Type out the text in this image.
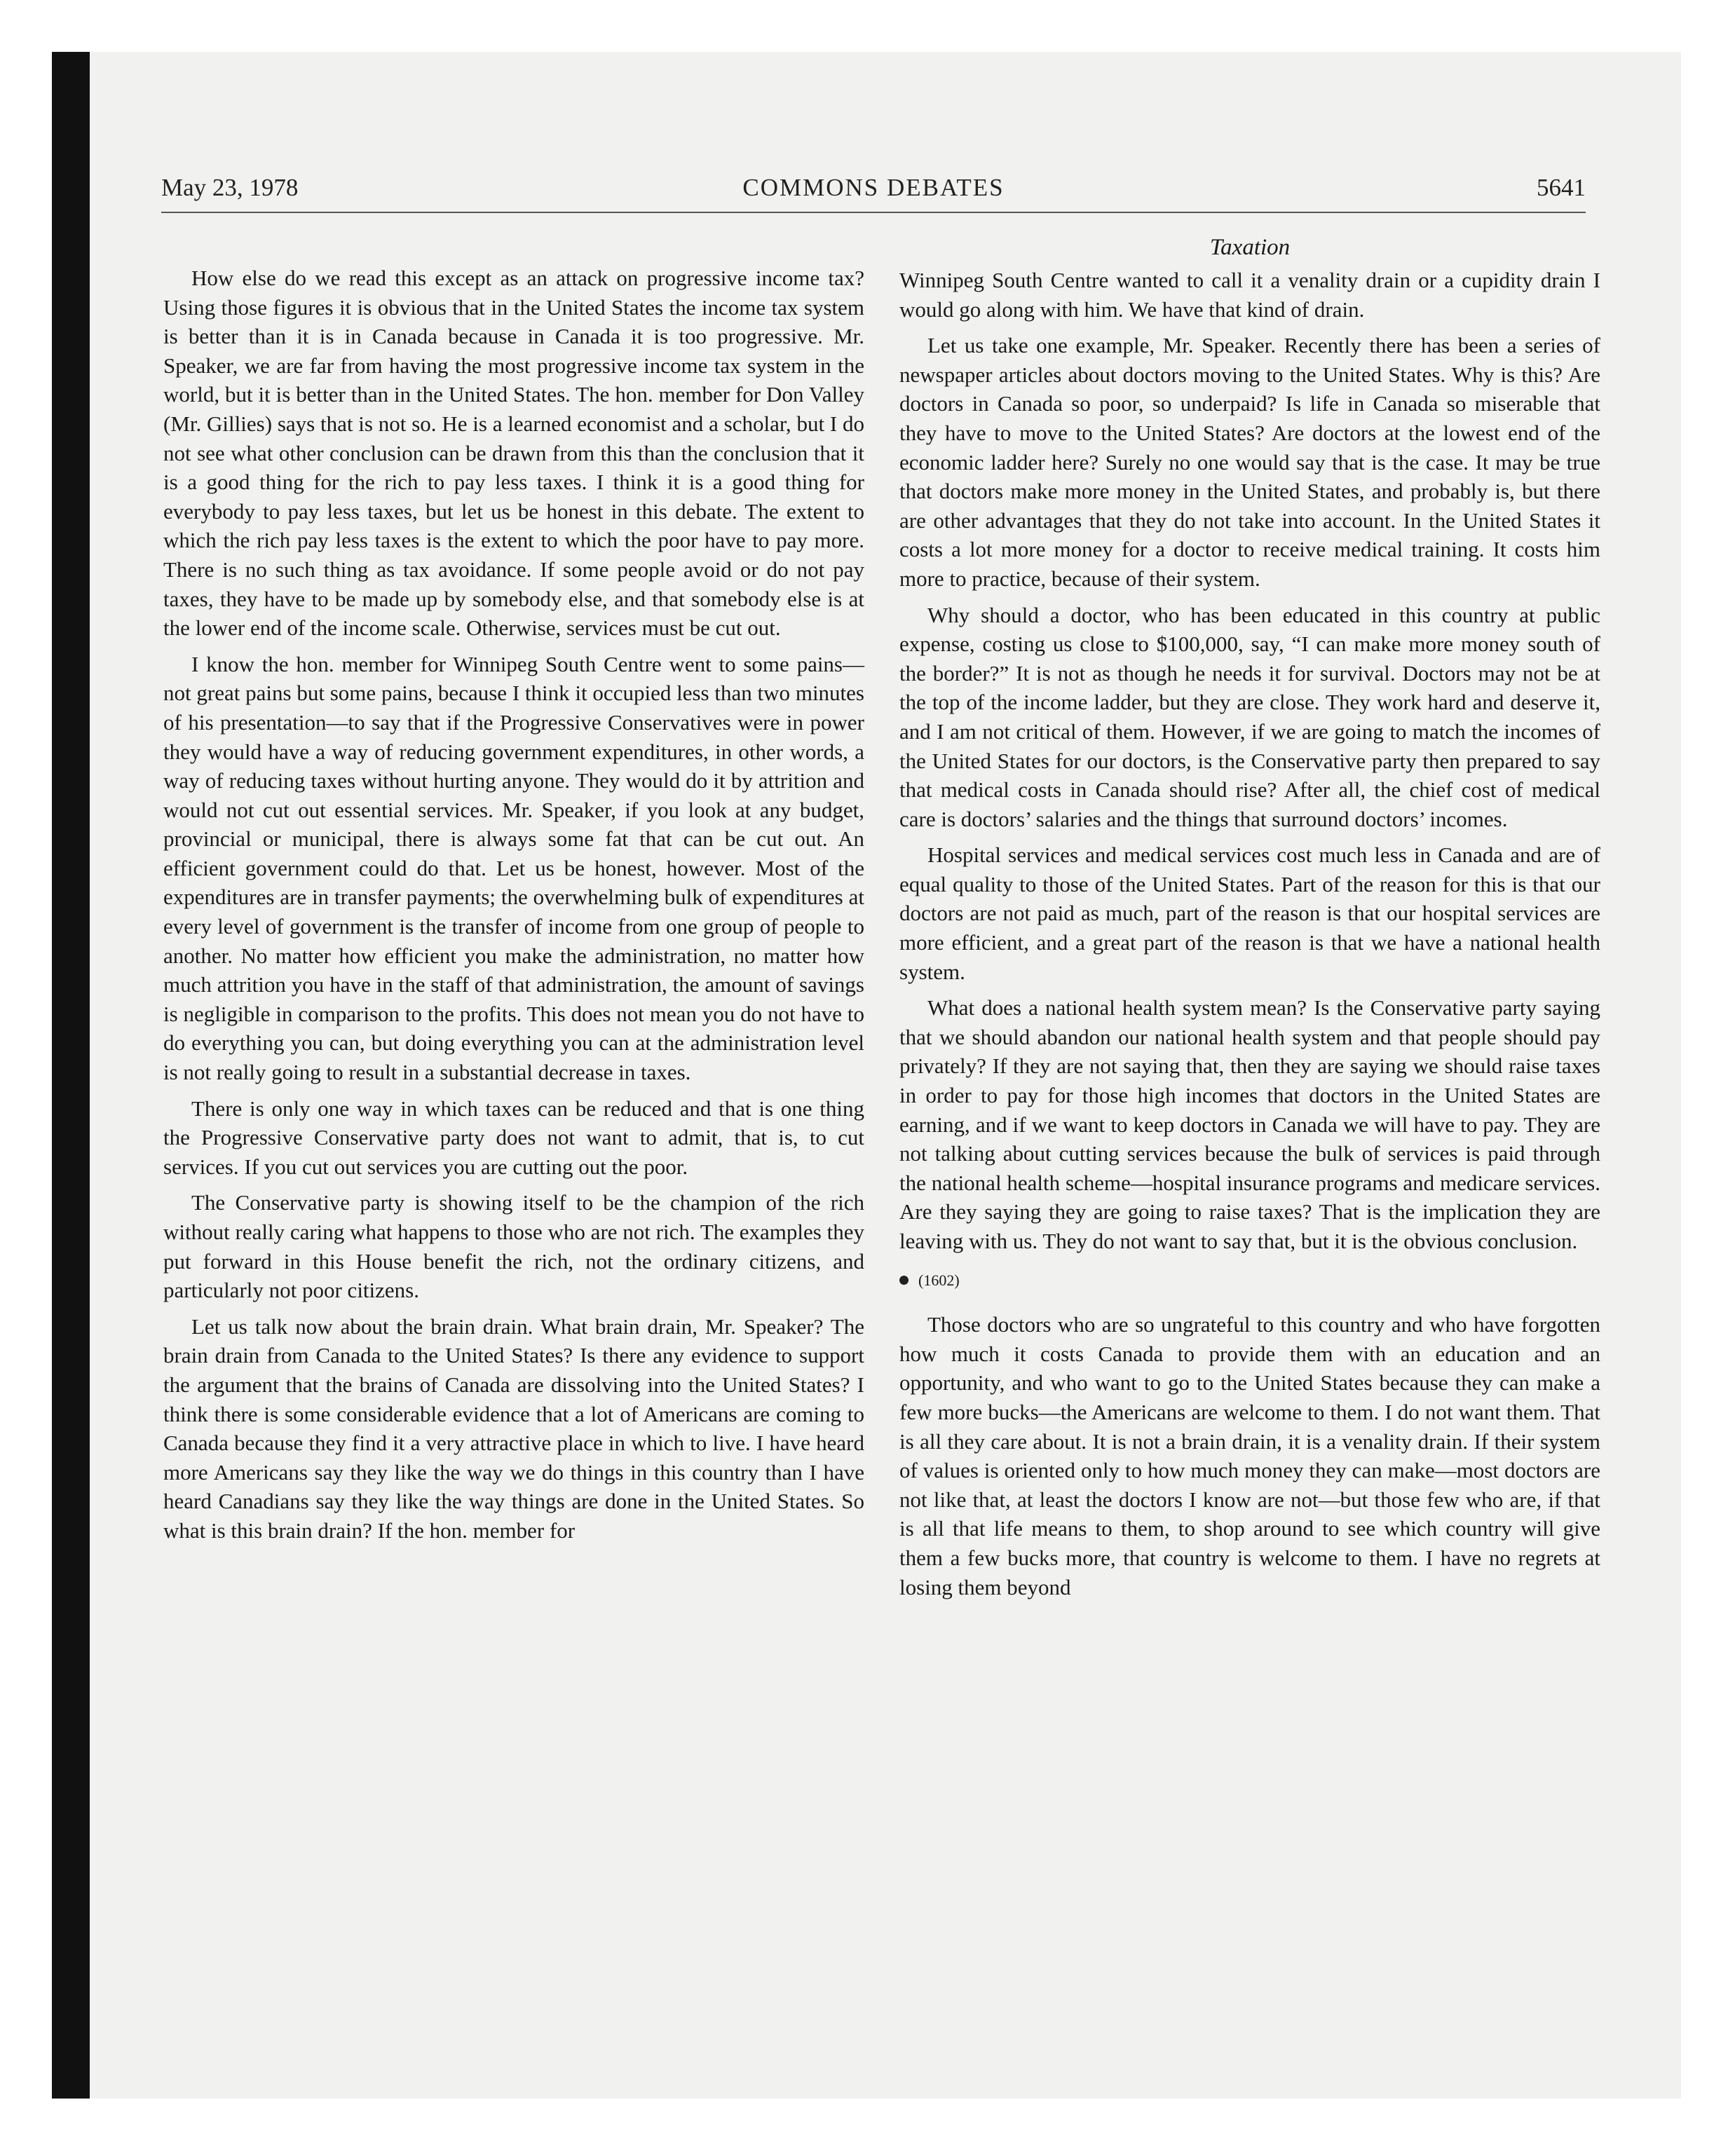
May 23, 1978	COMMONS DEBATES	5641

How else do we read this except as an attack on progressive income tax? Using those figures it is obvious that in the United States the income tax system is better than it is in Canada because in Canada it is too progressive. Mr. Speaker, we are far from having the most progressive income tax system in the world, but it is better than in the United States. The hon. member for Don Valley (Mr. Gillies) says that is not so. He is a learned economist and a scholar, but I do not see what other conclusion can be drawn from this than the conclusion that it is a good thing for the rich to pay less taxes. I think it is a good thing for everybody to pay less taxes, but let us be honest in this debate. The extent to which the rich pay less taxes is the extent to which the poor have to pay more. There is no such thing as tax avoidance. If some people avoid or do not pay taxes, they have to be made up by somebody else, and that somebody else is at the lower end of the income scale. Otherwise, services must be cut out.

I know the hon. member for Winnipeg South Centre went to some pains—not great pains but some pains, because I think it occupied less than two minutes of his presentation—to say that if the Progressive Conservatives were in power they would have a way of reducing government expenditures, in other words, a way of reducing taxes without hurting anyone. They would do it by attrition and would not cut out essential services. Mr. Speaker, if you look at any budget, provincial or municipal, there is always some fat that can be cut out. An efficient government could do that. Let us be honest, however. Most of the expenditures are in transfer payments; the overwhelming bulk of expenditures at every level of government is the transfer of income from one group of people to another. No matter how efficient you make the administration, no matter how much attrition you have in the staff of that administration, the amount of savings is negligible in comparison to the profits. This does not mean you do not have to do everything you can, but doing everything you can at the administration level is not really going to result in a substantial decrease in taxes.

There is only one way in which taxes can be reduced and that is one thing the Progressive Conservative party does not want to admit, that is, to cut services. If you cut out services you are cutting out the poor.

The Conservative party is showing itself to be the champion of the rich without really caring what happens to those who are not rich. The examples they put forward in this House benefit the rich, not the ordinary citizens, and particularly not poor citizens.

Let us talk now about the brain drain. What brain drain, Mr. Speaker? The brain drain from Canada to the United States? Is there any evidence to support the argument that the brains of Canada are dissolving into the United States? I think there is some considerable evidence that a lot of Americans are coming to Canada because they find it a very attractive place in which to live. I have heard more Americans say they like the way we do things in this country than I have heard Canadians say they like the way things are done in the United States. So what is this brain drain? If the hon. member for

Taxation

Winnipeg South Centre wanted to call it a venality drain or a cupidity drain I would go along with him. We have that kind of drain.

Let us take one example, Mr. Speaker. Recently there has been a series of newspaper articles about doctors moving to the United States. Why is this? Are doctors in Canada so poor, so underpaid? Is life in Canada so miserable that they have to move to the United States? Are doctors at the lowest end of the economic ladder here? Surely no one would say that is the case. It may be true that doctors make more money in the United States, and probably is, but there are other advantages that they do not take into account. In the United States it costs a lot more money for a doctor to receive medical training. It costs him more to practice, because of their system.

Why should a doctor, who has been educated in this country at public expense, costing us close to $100,000, say, “I can make more money south of the border?” It is not as though he needs it for survival. Doctors may not be at the top of the income ladder, but they are close. They work hard and deserve it, and I am not critical of them. However, if we are going to match the incomes of the United States for our doctors, is the Conservative party then prepared to say that medical costs in Canada should rise? After all, the chief cost of medical care is doctors’ salaries and the things that surround doctors’ incomes.

Hospital services and medical services cost much less in Canada and are of equal quality to those of the United States. Part of the reason for this is that our doctors are not paid as much, part of the reason is that our hospital services are more efficient, and a great part of the reason is that we have a national health system.

What does a national health system mean? Is the Conservative party saying that we should abandon our national health system and that people should pay privately? If they are not saying that, then they are saying we should raise taxes in order to pay for those high incomes that doctors in the United States are earning, and if we want to keep doctors in Canada we will have to pay. They are not talking about cutting services because the bulk of services is paid through the national health scheme—hospital insurance programs and medicare services. Are they saying they are going to raise taxes? That is the implication they are leaving with us. They do not want to say that, but it is the obvious conclusion.

(1602)

Those doctors who are so ungrateful to this country and who have forgotten how much it costs Canada to provide them with an education and an opportunity, and who want to go to the United States because they can make a few more bucks—the Americans are welcome to them. I do not want them. That is all they care about. It is not a brain drain, it is a venality drain. If their system of values is oriented only to how much money they can make—most doctors are not like that, at least the doctors I know are not—but those few who are, if that is all that life means to them, to shop around to see which country will give them a few bucks more, that country is welcome to them. I have no regrets at losing them beyond
